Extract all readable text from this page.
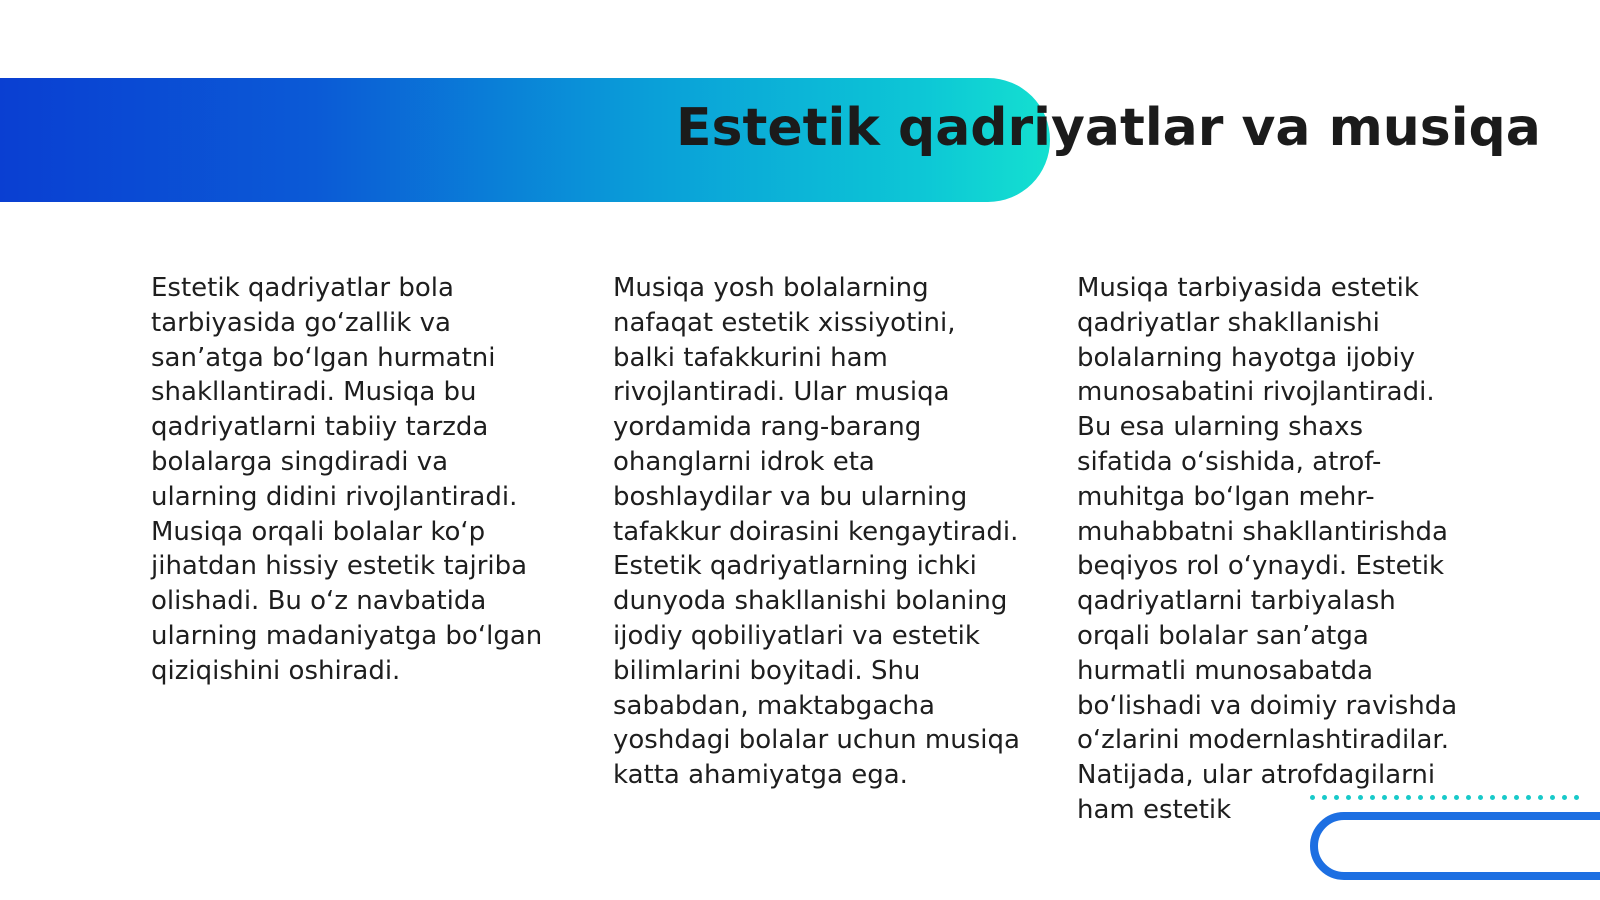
Estetik qadriyatlar va musiqa

Estetik qadriyatlar bola tarbiyasida go‘zallik va san’atga bo‘lgan hurmatni shakllantiradi. Musiqa bu qadriyatlarni tabiiy tarzda bolalarga singdiradi va ularning didini rivojlantiradi. Musiqa orqali bolalar ko‘p jihatdan hissiy estetik tajriba olishadi. Bu o‘z navbatida ularning madaniyatga bo‘lgan qiziqishini oshiradi.

Musiqa yosh bolalarning nafaqat estetik xissiyotini, balki tafakkurini ham rivojlantiradi. Ular musiqa yordamida rang-barang ohanglarni idrok eta boshlaydilar va bu ularning tafakkur doirasini kengaytiradi. Estetik qadriyatlarning ichki dunyoda shakllanishi bolaning ijodiy qobiliyatlari va estetik bilimlarini boyitadi. Shu sababdan, maktabgacha yoshdagi bolalar uchun musiqa katta ahamiyatga ega.

Musiqa tarbiyasida estetik qadriyatlar shakllanishi bolalarning hayotga ijobiy munosabatini rivojlantiradi. Bu esa ularning shaxs sifatida o‘sishida, atrof-muhitga bo‘lgan mehr-muhabbatni shakllantirishda beqiyos rol o‘ynaydi. Estetik qadriyatlarni tarbiyalash orqali bolalar san’atga hurmatli munosabatda bo‘lishadi va doimiy ravishda o‘zlarini modernlashtiradilar. Natijada, ular atrofdagilarni ham estetik
